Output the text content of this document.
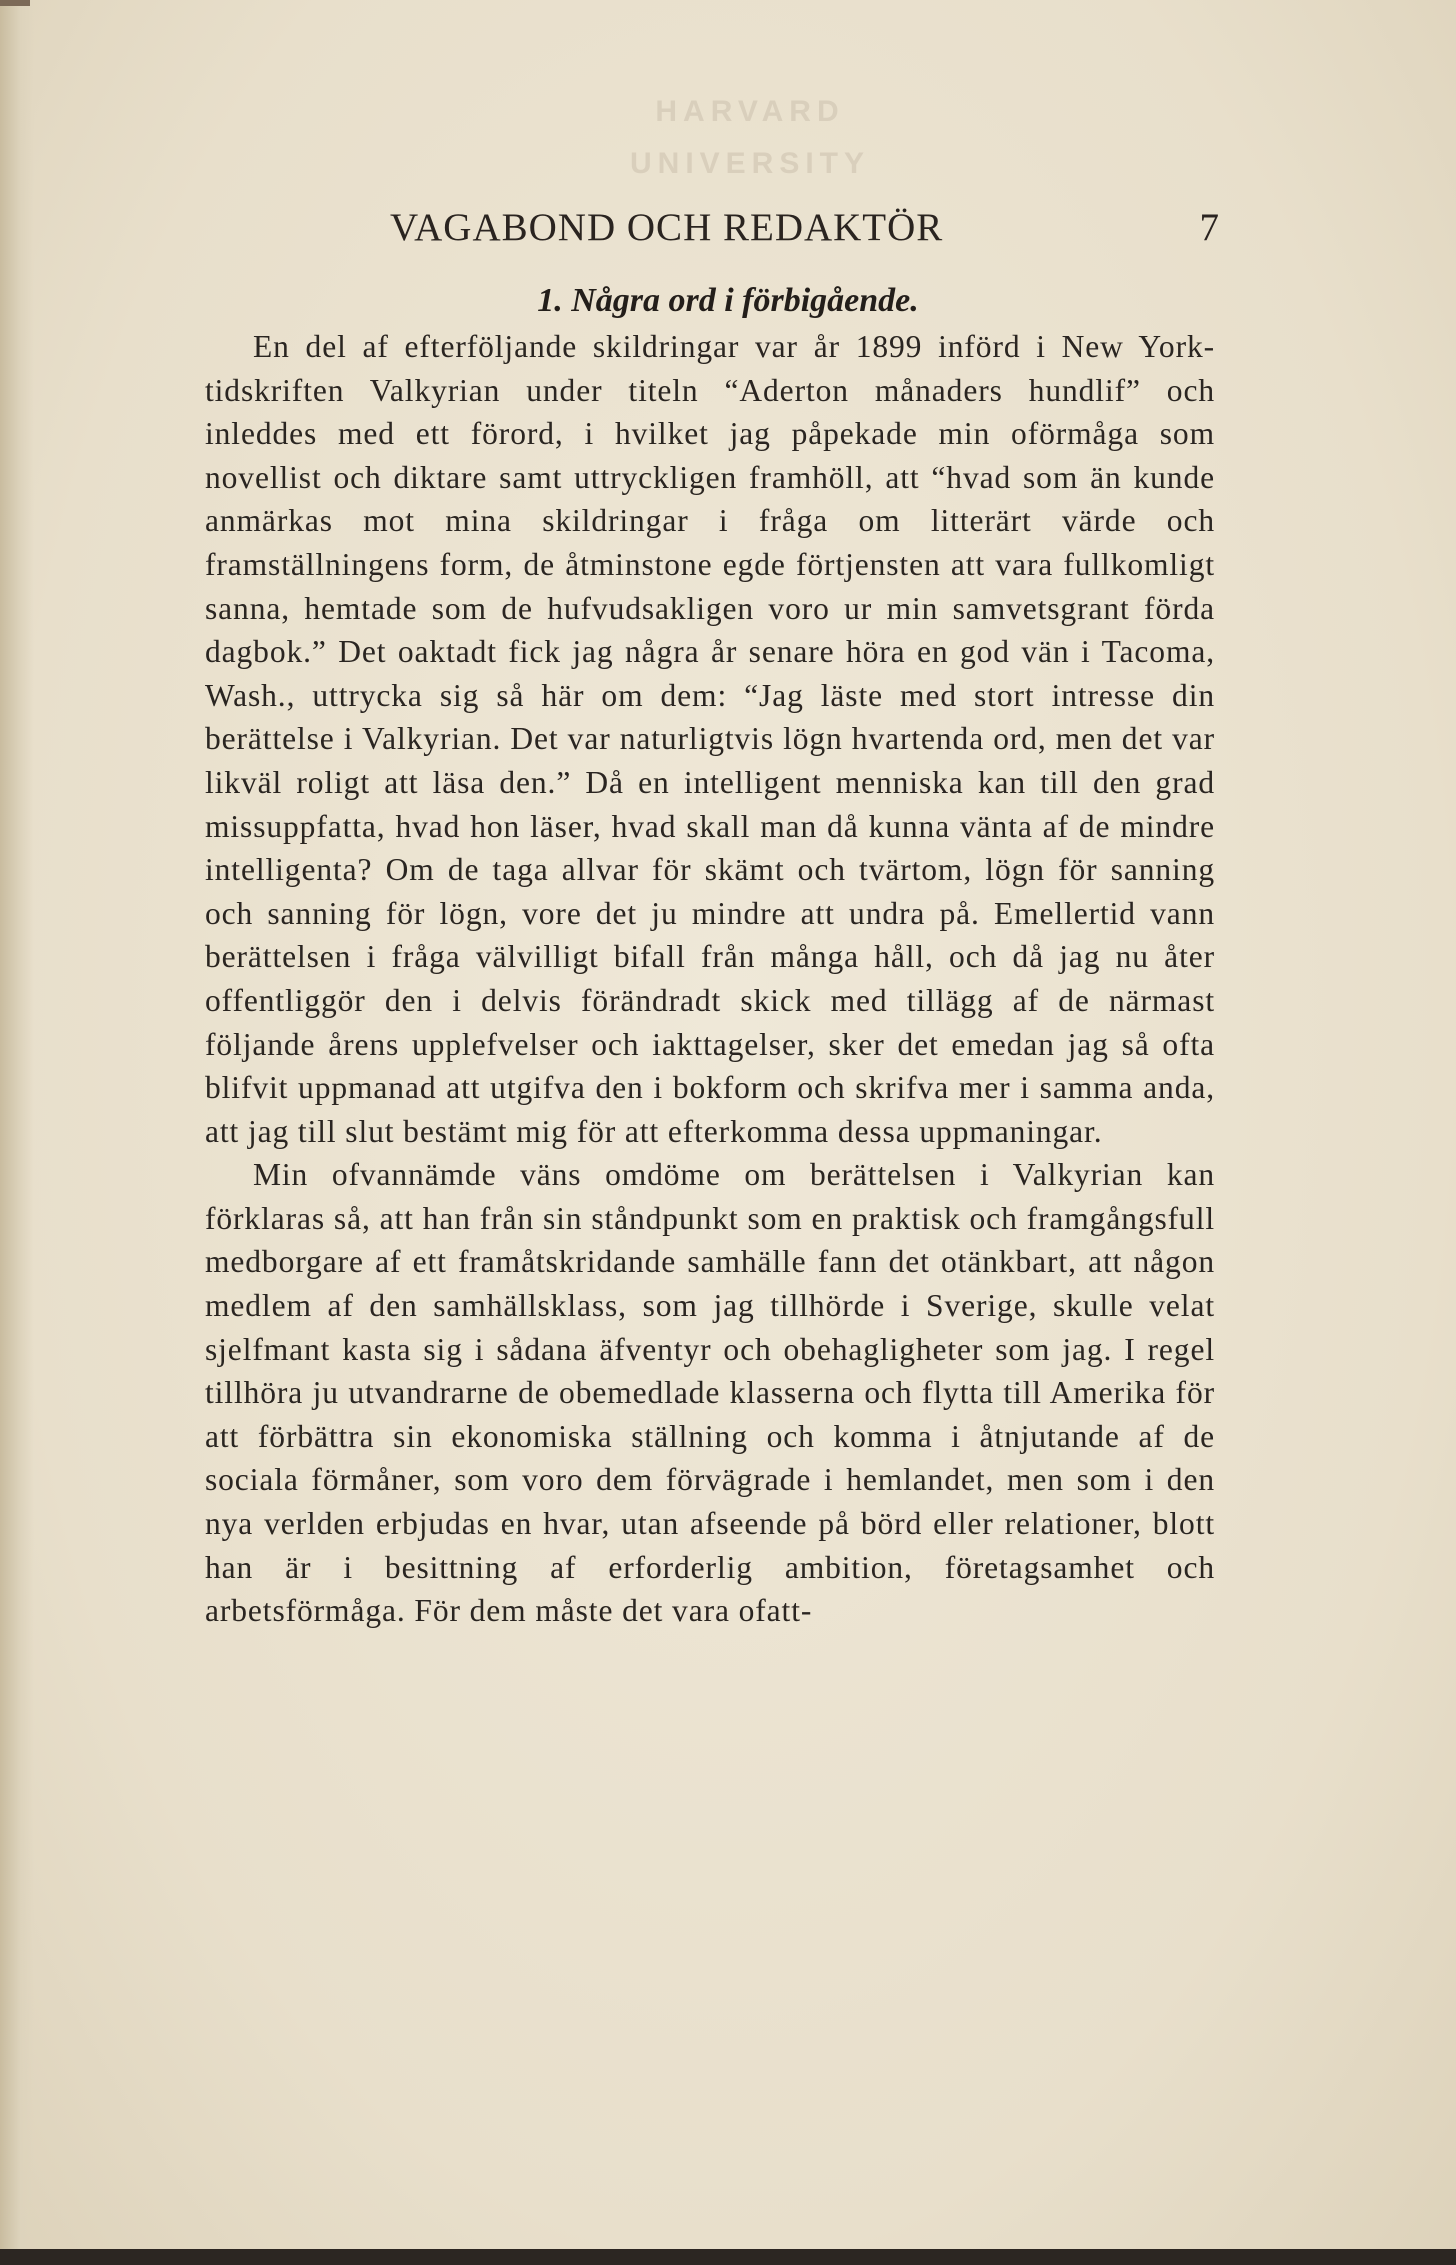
HARVARD
UNIVERSITY
VAGABOND OCH REDAKTÖR	7
1. Några ord i förbigående.

En del af efterföljande skildringar var år 1899 införd i New York-tidskriften Valkyrian under titeln “Aderton månaders hundlif” och inleddes med ett förord, i hvilket jag påpekade min oförmåga som novellist och diktare samt uttryckligen framhöll, att “hvad som än kunde anmärkas mot mina skildringar i fråga om litterärt värde och framställningens form, de åtminstone egde förtjensten att vara fullkomligt sanna, hemtade som de hufvudsakligen voro ur min samvetsgrant förda dagbok.” Det oaktadt fick jag några år senare höra en god vän i Tacoma, Wash., uttrycka sig så här om dem: “Jag läste med stort intresse din berättelse i Valkyrian. Det var naturligtvis lögn hvartenda ord, men det var likväl roligt att läsa den.” Då en intelligent menniska kan till den grad missuppfatta, hvad hon läser, hvad skall man då kunna vänta af de mindre intelligenta? Om de taga allvar för skämt och tvärtom, lögn för sanning och sanning för lögn, vore det ju mindre att undra på. Emellertid vann berättelsen i fråga välvilligt bifall från många håll, och då jag nu åter offentliggör den i delvis förändradt skick med tillägg af de närmast följande årens upplefvelser och iakttagelser, sker det emedan jag så ofta blifvit uppmanad att utgifva den i bokform och skrifva mer i samma anda, att jag till slut bestämt mig för att efterkomma dessa uppmaningar.

Min ofvannämde väns omdöme om berättelsen i Valkyrian kan förklaras så, att han från sin ståndpunkt som en praktisk och framgångsfull medborgare af ett framåtskridande samhälle fann det otänkbart, att någon medlem af den samhällsklass, som jag tillhörde i Sverige, skulle velat sjelfmant kasta sig i sådana äfventyr och obehagligheter som jag. I regel tillhöra ju utvandrarne de obemedlade klasserna och flytta till Amerika för att förbättra sin ekonomiska ställning och komma i åtnjutande af de sociala förmåner, som voro dem förvägrade i hemlandet, men som i den nya verlden erbjudas en hvar, utan afseende på börd eller relationer, blott han är i besittning af erforderlig ambition, företagsamhet och arbetsförmåga. För dem måste det vara ofatt-
